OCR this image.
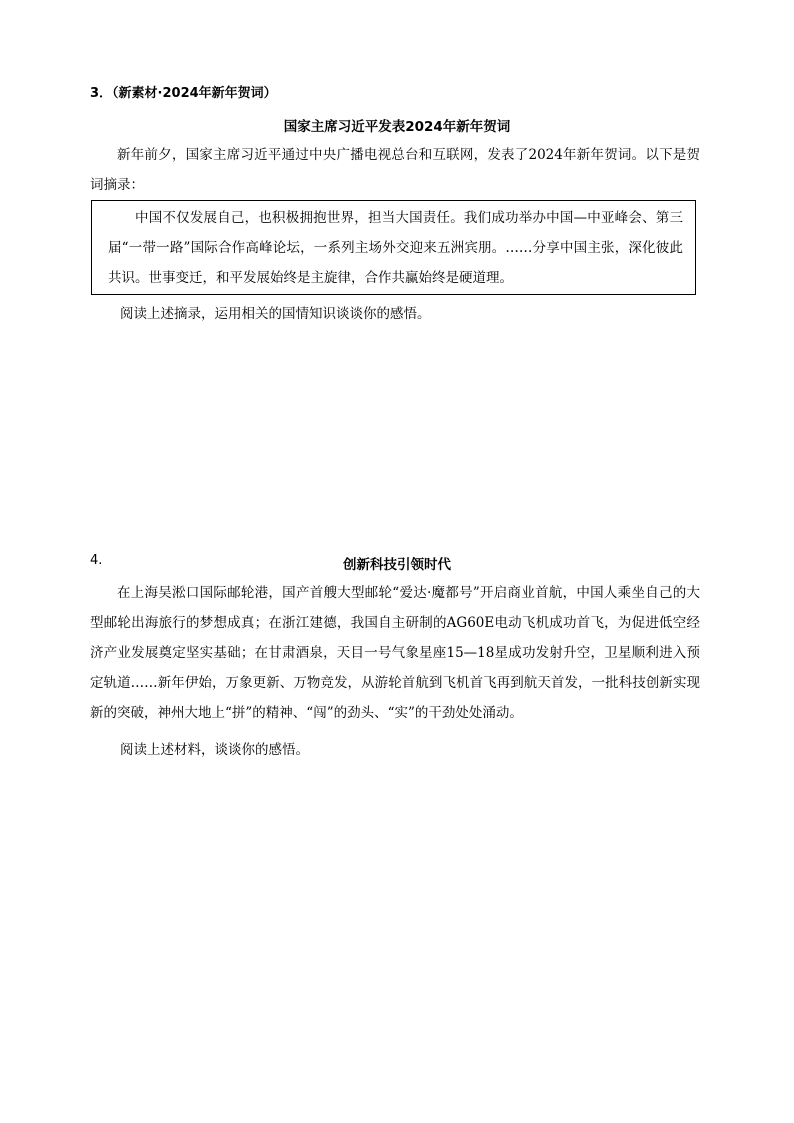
3．（新素材·2024年新年贺词）
国家主席习近平发表2024年新年贺词
新年前夕，国家主席习近平通过中央广播电视总台和互联网，发表了2024年新年贺词。以下是贺词摘录：
中国不仅发展自己，也积极拥抱世界，担当大国责任。我们成功举办中国—中亚峰会、第三届“一带一路”国际合作高峰论坛，一系列主场外交迎来五洲宾朋。……分享中国主张，深化彼此共识。世事变迁，和平发展始终是主旋律，合作共赢始终是硬道理。
阅读上述摘录，运用相关的国情知识谈谈你的感悟。
4.	创新科技引领时代
在上海吴淞口国际邮轮港，国产首艘大型邮轮“爱达·魔都号”开启商业首航，中国人乘坐自己的大型邮轮出海旅行的梦想成真；在浙江建德，我国自主研制的AG60E电动飞机成功首飞，为促进低空经济产业发展奠定坚实基础；在甘肃酒泉，天目一号气象星座15—18星成功发射升空，卫星顺利进入预定轨道……新年伊始，万象更新、万物竞发，从游轮首航到飞机首飞再到航天首发，一批科技创新实现新的突破，神州大地上“拼”的精神、“闯”的劲头、“实”的干劲处处涌动。
阅读上述材料，谈谈你的感悟。
